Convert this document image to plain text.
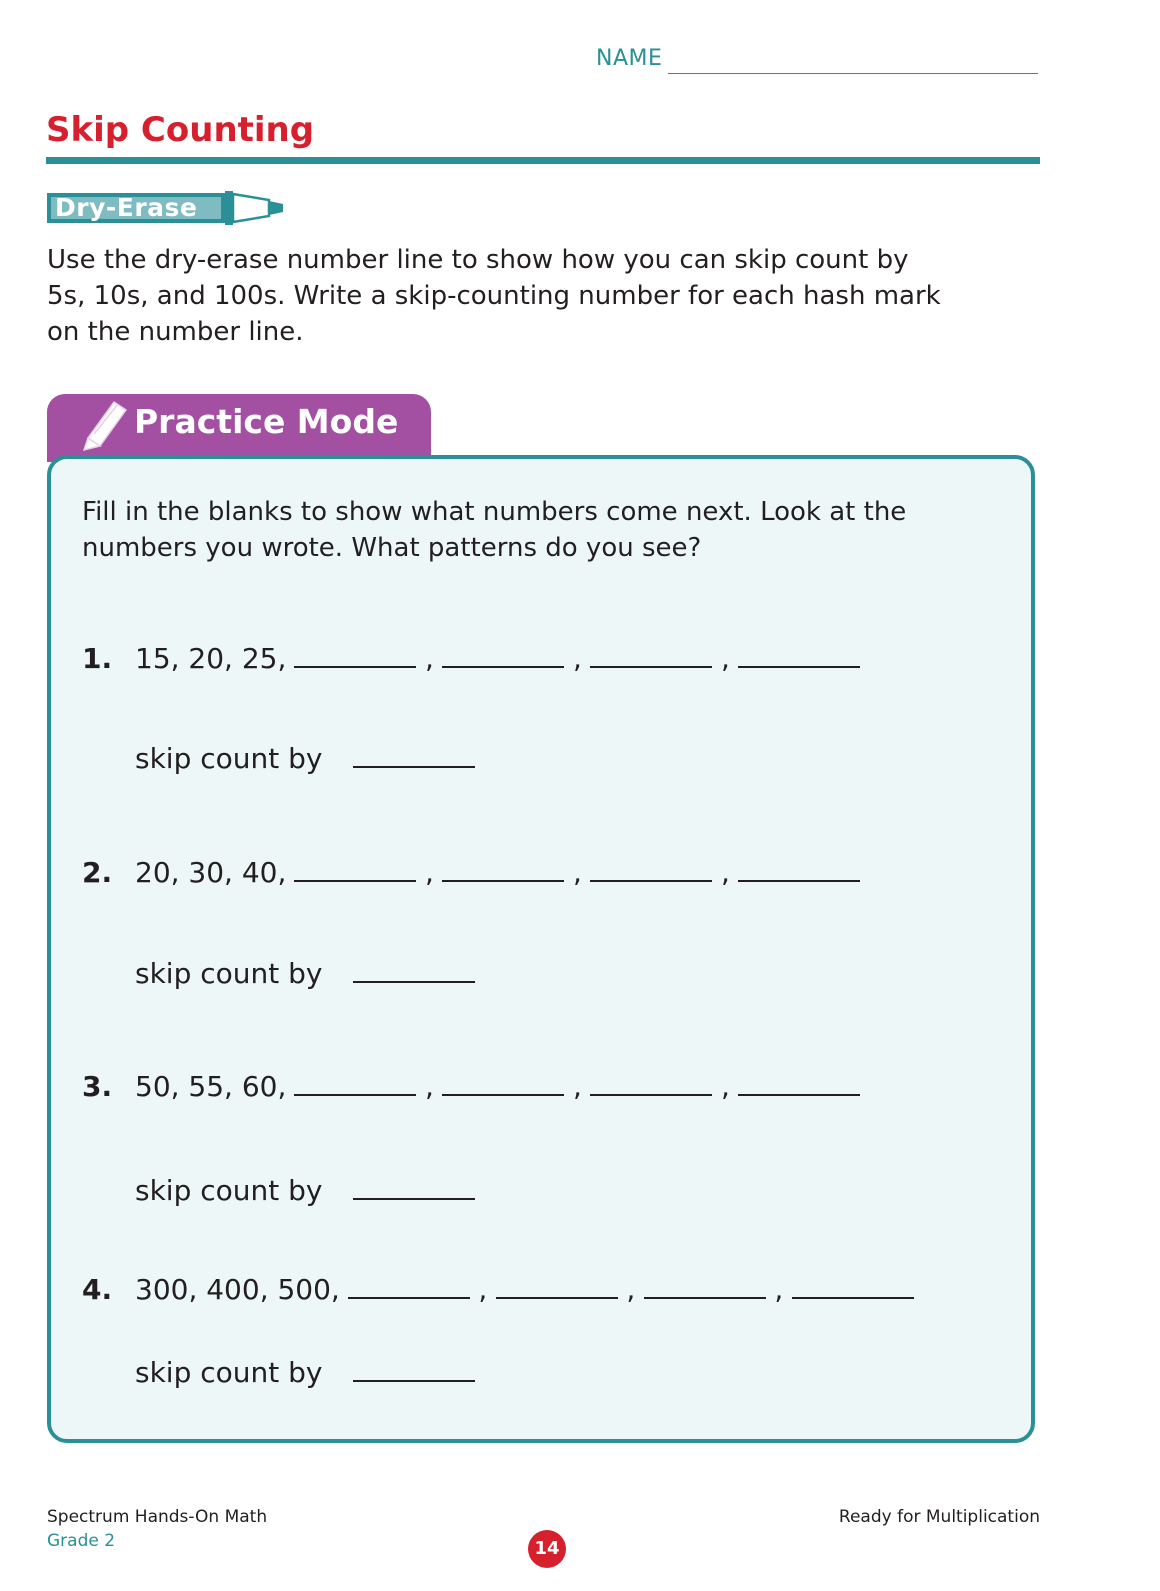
NAME
Skip Counting
Dry-Erase
Use the dry-erase number line to show how you can skip count by 5s, 10s, and 100s. Write a skip-counting number for each hash mark on the number line.
Practice Mode
Fill in the blanks to show what numbers come next. Look at the numbers you wrote. What patterns do you see?
1. 15, 20, 25,	,	,	,
skip count by
2. 20, 30, 40,	,	,	,
skip count by
3. 50, 55, 60,	,	,	,
skip count by
4. 300, 400, 500,	,	,	,
skip count by
Spectrum Hands-On Math
Grade 2	14
Ready for Multiplication
